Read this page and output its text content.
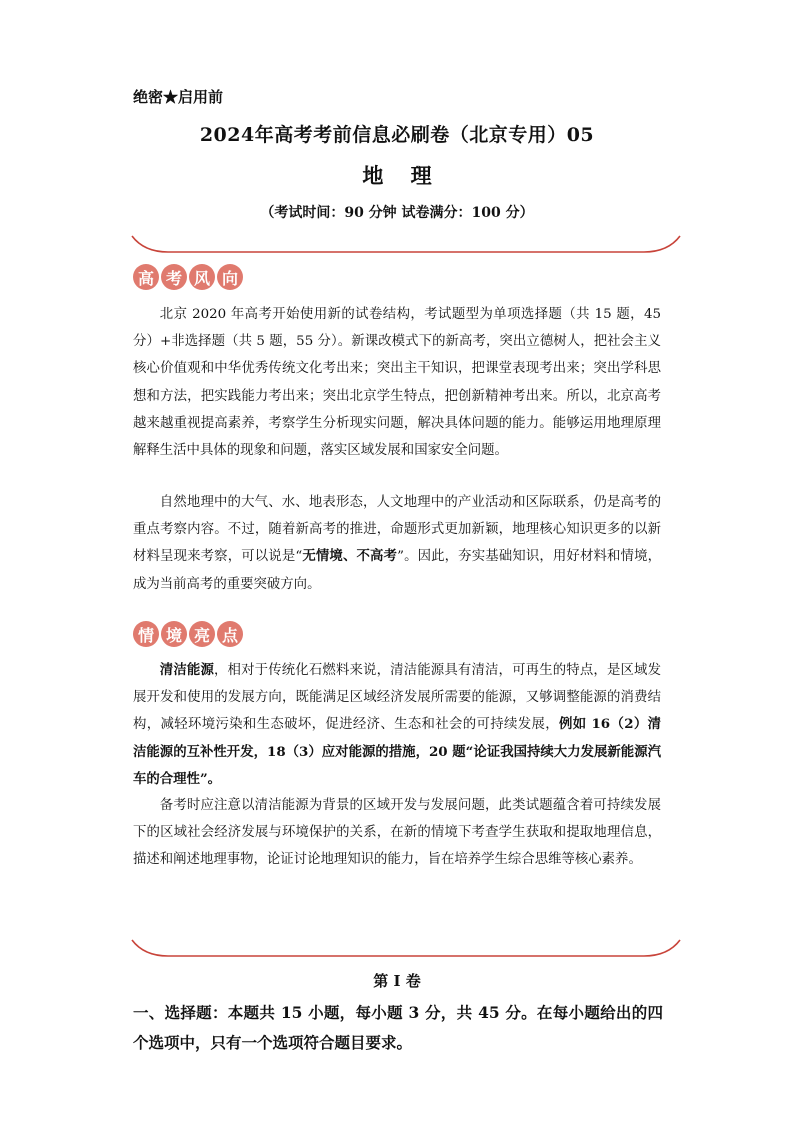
绝密★启用前
2024年高考考前信息必刷卷（北京专用）05
地 理
（考试时间：90 分钟 试卷满分：100 分）
高 考 风 向

北京 2020 年高考开始使用新的试卷结构，考试题型为单项选择题（共 15 题，45 分）+非选择题（共 5 题，55 分）。新课改模式下的新高考，突出立德树人，把社会主义核心价值观和中华优秀传统文化考出来；突出主干知识，把课堂表现考出来；突出学科思想和方法，把实践能力考出来；突出北京学生特点，把创新精神考出来。所以，北京高考越来越重视提高素养，考察学生分析现实问题，解决具体问题的能力。能够运用地理原理解释生活中具体的现象和问题，落实区域发展和国家安全问题。

自然地理中的大气、水、地表形态，人文地理中的产业活动和区际联系，仍是高考的重点考察内容。不过，随着新高考的推进，命题形式更加新颖，地理核心知识更多的以新材料呈现来考察，可以说是“无情境、不高考”。因此，夯实基础知识，用好材料和情境，成为当前高考的重要突破方向。

情 境 亮 点

清洁能源，相对于传统化石燃料来说，清洁能源具有清洁，可再生的特点，是区域发展开发和使用的发展方向，既能满足区域经济发展所需要的能源，又够调整能源的消费结构，减轻环境污染和生态破坏，促进经济、生态和社会的可持续发展，例如 16（2）清洁能源的互补性开发，18（3）应对能源的措施，20 题“论证我国持续大力发展新能源汽车的合理性”。

备考时应注意以清洁能源为背景的区域开发与发展问题，此类试题蕴含着可持续发展下的区域社会经济发展与环境保护的关系，在新的情境下考查学生获取和提取地理信息，描述和阐述地理事物，论证讨论地理知识的能力，旨在培养学生综合思维等核心素养。

第 I 卷
一、选择题：本题共 15 小题，每小题 3 分，共 45 分。在每小题给出的四个选项中，只有一个选项符合题目要求。
